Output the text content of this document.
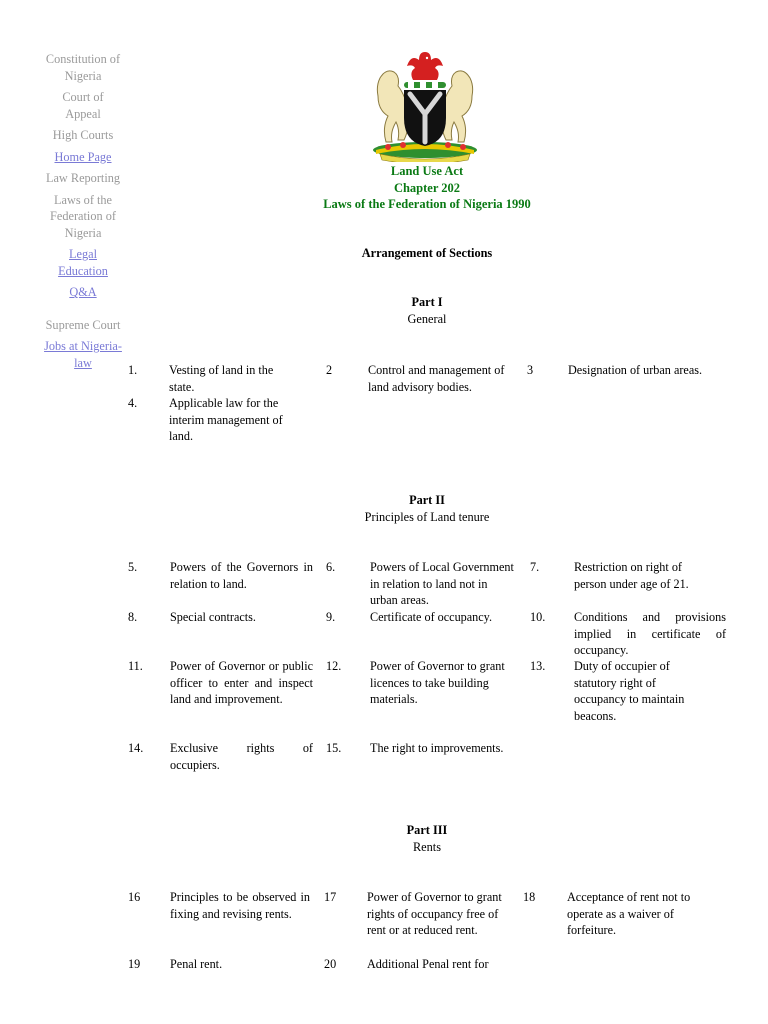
Constitution of Nigeria
Court of Appeal
High Courts
Home Page
Law Reporting
Laws of the Federation of Nigeria
Legal Education
Q&A
Supreme Court
Jobs at Nigeria-law
Land Use Act
Chapter 202
Laws of the Federation of Nigeria 1990
Arrangement of Sections
Part I
General
1.	Vesting of land in the state.
2	Control and management of land advisory bodies.
3	Designation of urban areas.
4.	Applicable law for the interim management of land.
Part II
Principles of Land tenure
5.	Powers of the Governors in relation to land.
6.	Powers of Local Government in relation to land not in urban areas.
7.	Restriction on right of person under age of 21.
8.	Special contracts.	9.	Certificate of occupancy.	10. Conditions and provisions implied in certificate of occupancy.
11. Power of Governor or public officer to enter and inspect land and improvement.
12. Power of Governor to grant licences to take building materials.
13. Duty of occupier of statutory right of occupancy to maintain beacons.
14. Exclusive rights of occupiers.
15. The right to improvements.
Part III
Rents
16 Principles to be observed in fixing and revising rents.
17	Power of Governor to grant rights of occupancy free of rent or at reduced rent.
18	Acceptance of rent not to operate as a waiver of forfeiture.
19 Penal rent.	20	Additional Penal rent for
